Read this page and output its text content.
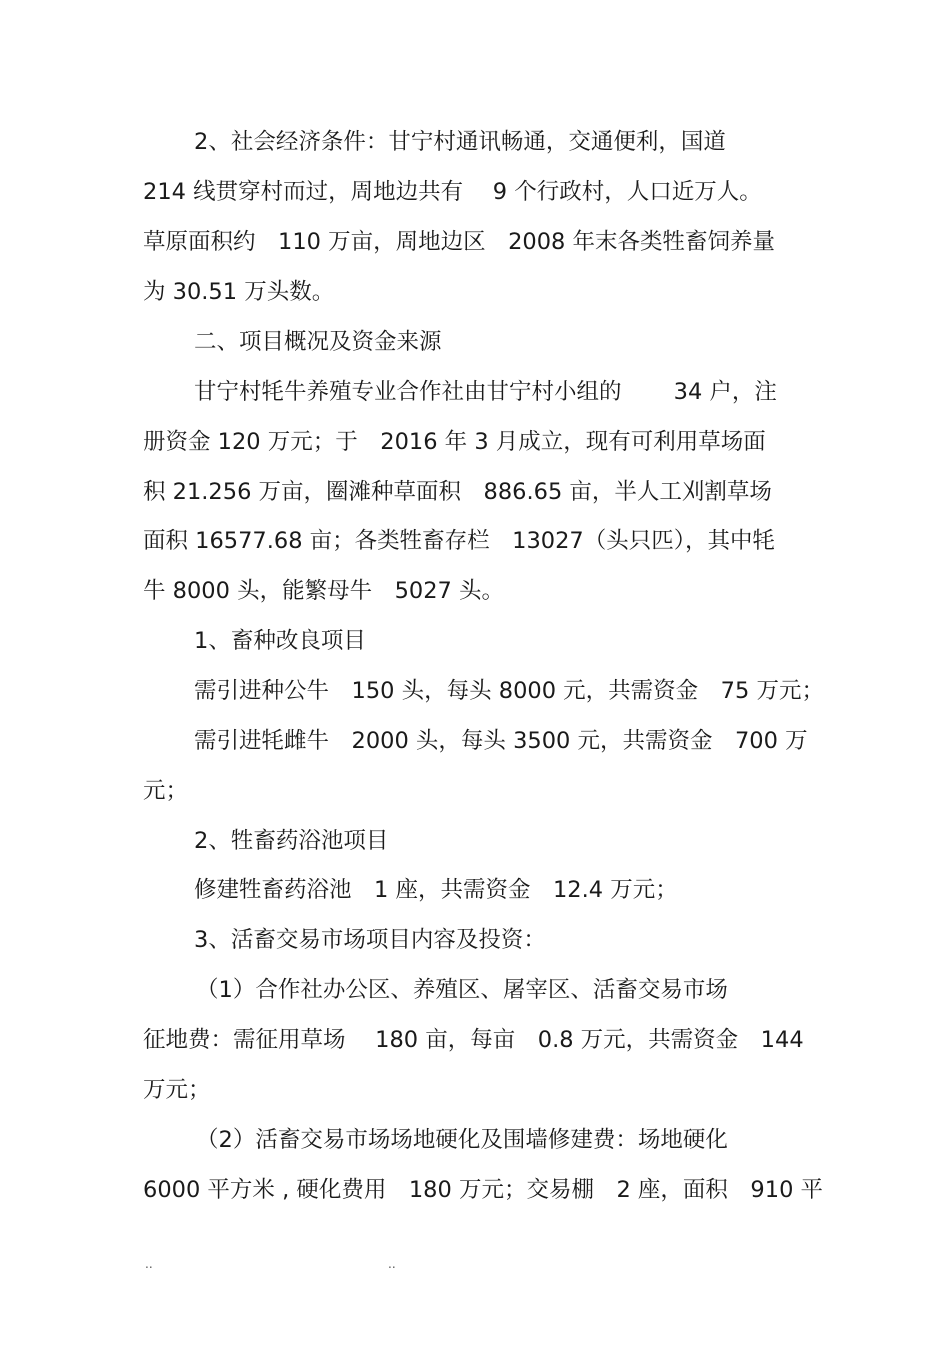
2、社会经济条件：甘宁村通讯畅通，交通便利，国道

214 线贯穿村而过，周地边共有　 9 个行政村，人口近万人。

草原面积约　110 万亩，周地边区　2008 年末各类牲畜饲养量

为 30.51 万头数。

二、项目概况及资金来源

甘宁村牦牛养殖专业合作社由甘宁村小组的　　 34 户，注

册资金 120 万元；于　2016 年 3 月成立，现有可利用草场面

积 21.256 万亩，圈滩种草面积　886.65 亩，半人工刈割草场

面积 16577.68 亩；各类牲畜存栏　13027（头只匹），其中牦

牛 8000 头，能繁母牛　5027 头。

1、畜种改良项目

需引进种公牛　150 头，每头 8000 元，共需资金　75 万元；

需引进牦雌牛　2000 头，每头 3500 元，共需资金　700 万

元；

2、牲畜药浴池项目

修建牲畜药浴池　1 座，共需资金　12.4 万元；

3、活畜交易市场项目内容及投资：

（1）合作社办公区、养殖区、屠宰区、活畜交易市场

征地费：需征用草场　 180 亩，每亩　0.8 万元，共需资金　144

万元；

（2）活畜交易市场场地硬化及围墙修建费：场地硬化

6000 平方米 , 硬化费用　180 万元；交易棚　2 座，面积　910 平

..	..
